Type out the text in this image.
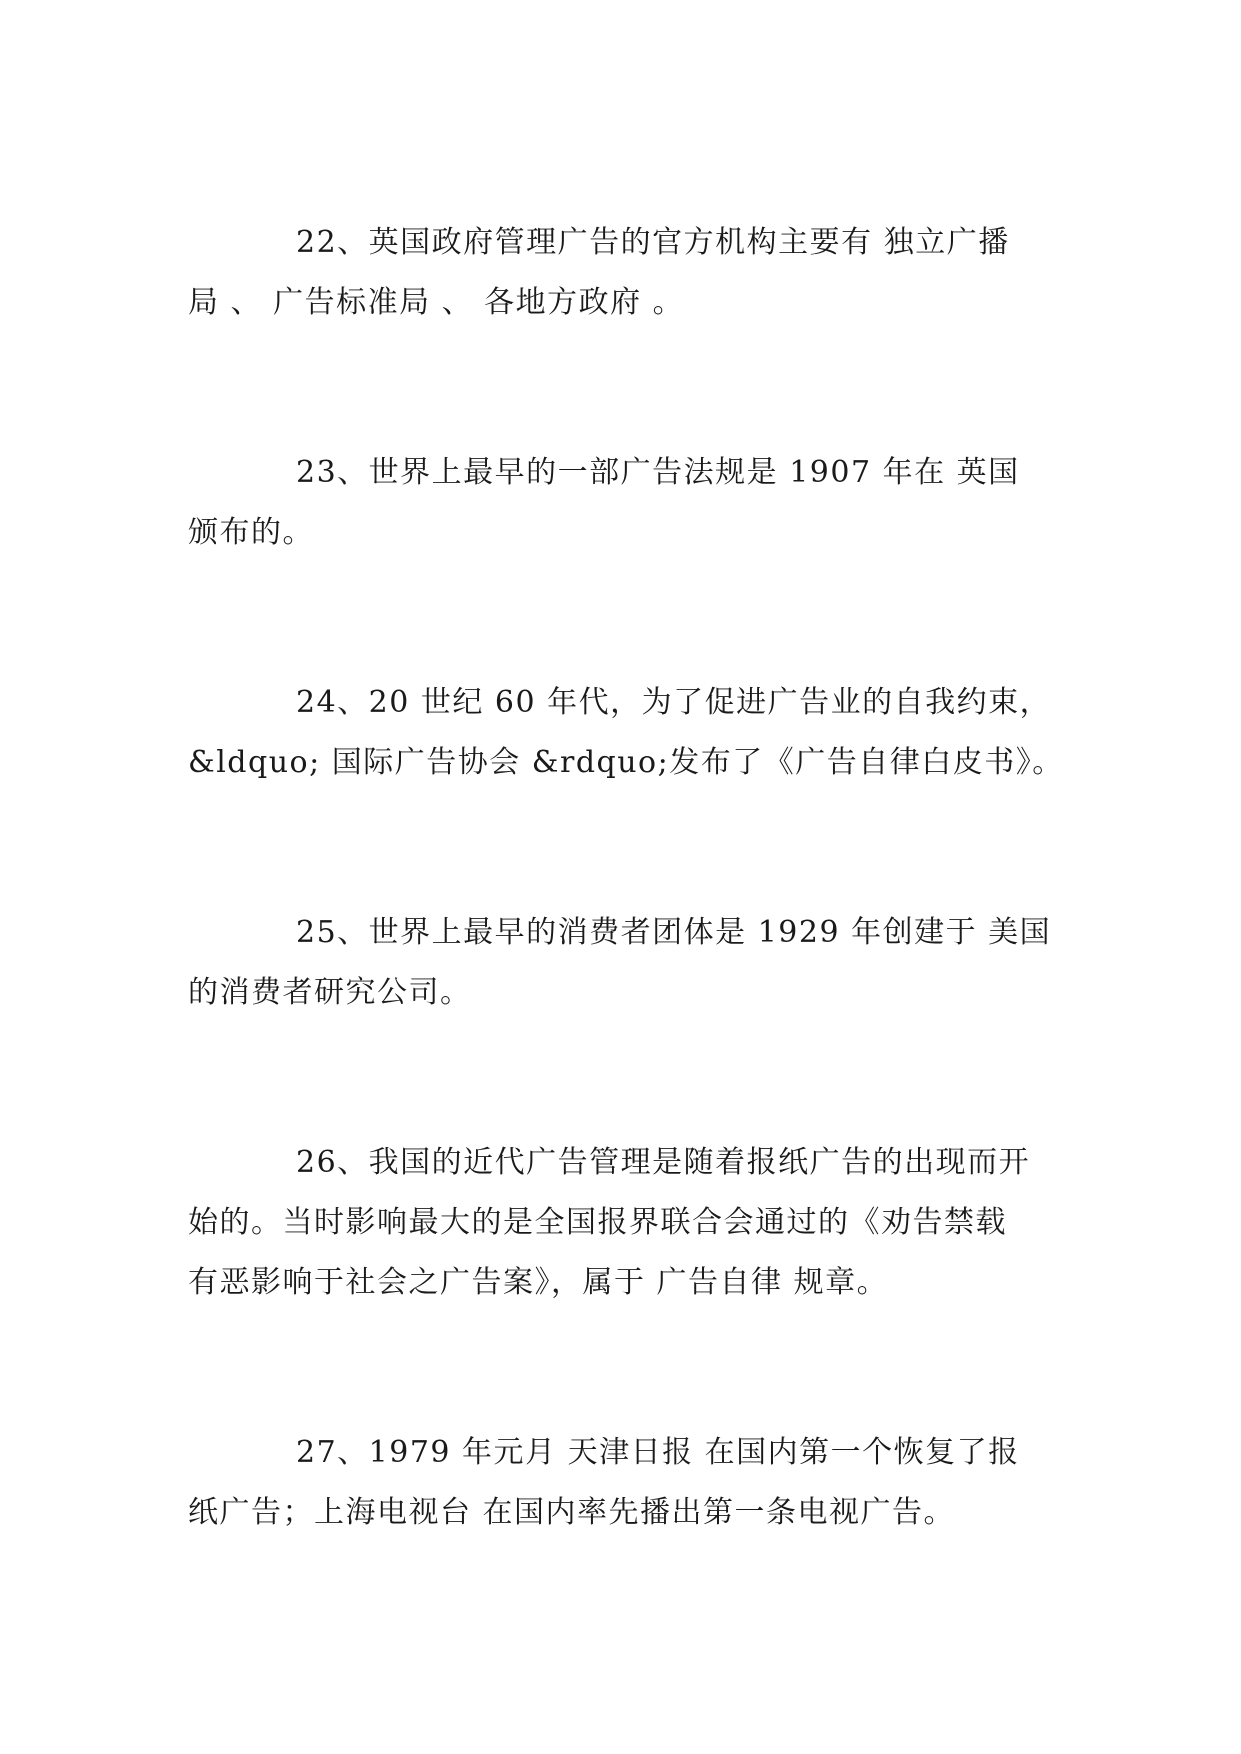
22、英国政府管理广告的官方机构主要有 独立广播
局 、 广告标准局 、 各地方政府 。
23、世界上最早的一部广告法规是 1907 年在 英国
颁布的。
24、20 世纪 60 年代，为了促进广告业的自我约束，
&ldquo; 国际广告协会 &rdquo;发布了《广告自律白皮书》。
25、世界上最早的消费者团体是 1929 年创建于 美国
的消费者研究公司。
26、我国的近代广告管理是随着报纸广告的出现而开
始的。当时影响最大的是全国报界联合会通过的《劝告禁载
有恶影响于社会之广告案》，属于 广告自律 规章。
27、1979 年元月 天津日报 在国内第一个恢复了报
纸广告；上海电视台 在国内率先播出第一条电视广告。
